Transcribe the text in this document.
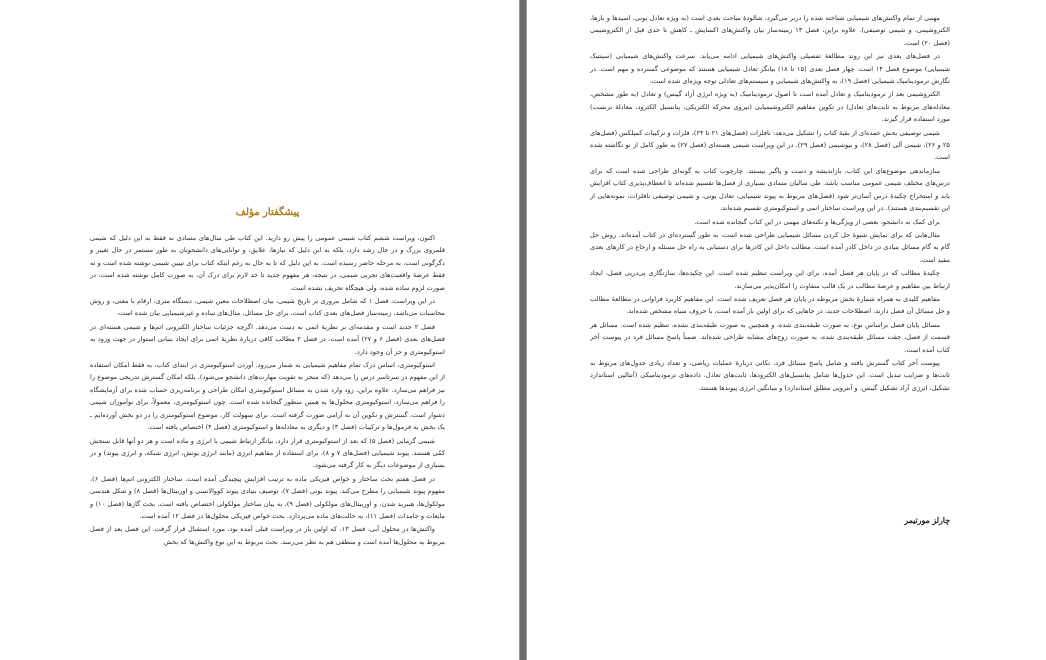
پیشگفتار مؤلف

اکنون، ویراست ششم کتاب شیمی عمومی را پیش رو دارید. این کتاب طی سال‌های متمادی نه فقط به این دلیل که شیمی قلمروی بزرگ و در حال رشد دارد، بلکه به این دلیل که نیازها، علایق، و توانایی‌های دانشجویان به طور مستمر در حال تغییر و دگرگونی است، به مرحله حاضر رسیده است. به این دلیل که تا به حال به رغم اینکه کتاب برای تبیین شیمی نوشته شده است و نه فقط عرضهٔ واقعیت‌های تجربی شیمی، در نتیجه، هر مفهوم جدید تا حد لازم برای درک آن، به صورت کامل نوشته شده است، در صورت لزوم ساده شده، ولی هیچگاه تحریف نشده است.

در این ویراست، فصل ۱ که شامل مروری بر تاریخ شیمی، بیان اصطلاحات معین شیمی، دستگاه متری، ارقام با معنی، و روش محاسبات می‌باشد، زمینه‌ساز فصل‌های بعدی کتاب است. برای حل مسائل، مثال‌های ساده و غیرشیمیایی بیان شده است.

فصل ۲ جدید است و مقدمه‌ای بر نظریهٔ اتمی به دست می‌دهد. اگرچه جزئیات ساختار الکترونی اتم‌ها و شیمی هسته‌ای در فصل‌های بعدی (فصل ۶ و ۲۷) آمده است، در فصل ۲ مطالب کافی دربارهٔ نظریهٔ اتمی برای ایجاد بنیانی استوار در جهت ورود به استوکیومتری و جز آن وجود دارد.

استوکیومتری، اساس درک تمام مفاهیم شیمیایی به شمار می‌رود. آوردن استوکیومتری در ابتدای کتاب، به فقط امکان استفاده از این مفهوم در سرتاسر درس را می‌دهد (که منجر به تقویت مهارت‌های دانشجو می‌شود)، بلکه امکان گسترش تدریجی موضوع را نیز فراهم می‌سازد. علاوه براین، زود وارد شدن به مسائل استوکیومتری امکان طراحی و برنامه‌ریزی حساب شده برای آزمایشگاه را فراهم می‌سازد. استوکیومتری محلول‌ها به همین منظور گنجانده شده است. چون استوکیومتری، معمولاً، برای نوآموزان شیمی دشوار است، گسترش و تکوین آن به آرامی صورت گرفته است. برای سهولت کار، موضوع استوکیومتری را در دو بخش آورده‌ایم ـ یک بخش به فرمول‌ها و ترکیبات (فصل ۳) و دیگری به معادله‌ها و استوکیومتری (فصل ۴) اختصاص یافته است.

شیمی گرمایی (فصل ۵) که بعد از استوکیومتری قرار دارد، بیانگر ارتباط شیمی با انرژی و ماده است و هر دو آنها قابل سنجش کمّی هستند. پیوند شیمیایی (فصل‌های ۷ و ۸)، برای استفاده از مفاهیم انرژی (مانند انرژی یونش، انرژی شبکه، و انرژی پیوند) و در بسیاری از موضوعات دیگر به کار گرفته می‌شود.

در فصل هفتم بحث ساختار و خواص فیزیکی ماده به ترتیب افزایش پیچیدگی آمده است. ساختار الکترونی اتم‌ها (فصل ۶)، مفهوم پیوند شیمیایی را مطرح می‌کند. پیوند یونی (فصل ۷)، توصیف بنیادی پیوند کووالانسی و اوربیتال‌ها (فصل ۸) و شکل هندسی مولکول‌ها، هیبرید شدن، و اوربیتال‌های مولکولی (فصل ۹)، به بیان ساختار مولکولی اختصاص یافته است. بحث گازها (فصل ۱۰) و مایعات و جامدات (فصل ۱۱)، به حالت‌های ماده می‌پردازد. بحث خواص فیزیکی محلول‌ها در فصل ۱۲ آمده است.

واکنش‌ها در محلول آبی، فصل ۱۳، که اولین بار در ویراست قبلی آمده بود، مورد استقبال قرار گرفت. این فصل بعد از فصل مربوط به محلول‌ها آمده است و منطقی هم به نظر می‌رسد. بحث مربوط به این نوع واکنش‌ها که بخش

مهمی از تمام واکنش‌های شیمیایی شناخته شده را دربر می‌گیرد، شالودهٔ مباحث بعدی است (به ویژه تعادل یونی، اسیدها و بازها، الکتروشیمی، و شیمی توصیفی). علاوه براین، فصل ۱۳ زمینه‌ساز بیان واکنش‌های اکسایش ـ کاهش تا حدی قبل از الکتروشیمی (فصل ۲۰) است.

در فصل‌های بعدی نیز این روند مطالعهٔ تفصیلی واکنش‌های شیمیایی ادامه می‌یابد. سرعت واکنش‌های شیمیایی (سینتیک شیمیایی) موضوع فصل ۱۴ است. چهار فصل بعدی (۱۵ تا ۱۸) بیانگر تعادل شیمیایی هستند که موضوعی گسترده و مهم است. در نگارش ترمودینامیک شیمیایی (فصل ۱۹)، به واکنش‌های شیمیایی و سیستم‌های تعادلی توجه ویژه‌ای شده است.

الکتروشیمی بعد از ترمودینامیک و تعادل آمده است تا اصول ترمودینامیک (به ویژه انرژی آزاد گیبس) و تعادل (به طور مشخص، معادله‌های مربوط به ثابت‌های تعادل) در تکوین مفاهیم الکتروشیمیایی (نیروی محرکه الکتریکی، پتانسیل الکترود، معادلهٔ نرنست) مورد استفاده قرار گیرند.

شیمی توصیفی بخش عمده‌ای از بقیهٔ کتاب را تشکیل می‌دهد: نافلزات (فصل‌های ۲۱ تا ۲۴)، فلزات و ترکیبات کمپلکس (فصل‌های ۲۵ و ۲۶)، شیمی آلی (فصل ۲۸)، و بیوشیمی (فصل ۲۹). در این ویراست شیمی هسته‌ای (فصل ۲۷) به طور کامل از نو نگاشته شده است.

سازماندهی موضوع‌های این کتاب، بازاندیشه و دست و پاگیر نیستند. چارچوب کتاب به گونه‌ای طراحی شده است که برای درس‌های مختلف شیمی عمومی مناسب باشد. طی سالیان متمادی بسیاری از فصل‌ها تقسیم شده‌اند تا انعطاف‌پذیری کتاب افزایش یابد و استخراج چکیدهٔ درس آسان‌تر شود (فصل‌های مربوط به پیوند شیمیایی، تعادل یونی، و شیمی توصیفی نافلزات، نمونه‌هایی از این تقسیم‌بندی هستند). در این ویراست ساختار اتمی و استوکیومتری تقسیم شده‌اند.

برای کمک به دانشجو، بعضی از ویژگی‌ها و نکته‌های مهمی در این کتاب گنجانده شده است.

مثال‌هایی که برای نمایش شیوهٔ حل کردن مسائل شیمیایی طراحی شده است، به طور گسترده‌ای در کتاب آمده‌اند. روش حل گام به گام مسائل بنیادی در داخل کادر آمده است. مطالب داخل این کادرها برای دستیابی به راه حل مسئله و ارجاع در کارهای بعدی مفید است.

چکیدهٔ مطالب که در پایان هر فصل آمده، برای این ویراست تنظیم شده است. این چکیده‌ها، سازنگاری پی‌درپی فصل، ایجاد ارتباط بین مفاهیم و عرضهٔ مطالب در یک قالب متفاوت را امکان‌پذیر می‌سازند.

مفاهیم کلیدی به همراه شمارهٔ بخش مربوطه در پایان هر فصل تعریف شده است. این مفاهیم کاربرد فراوانی در مطالعهٔ مطالب و حل مسائل آن فصل دارند. اصطلاحات جدید، در جاهایی که برای اولین بار آمده است، با حروف سیاه مشخص شده‌اند.

مسائل پایان فصل براساس نوع، به صورت طبقه‌بندی شده، و همچنین به صورت طبقه‌بندی نشده، تنظیم شده است. مسائل هر قسمت از فصل، جفت مسائل طبقه‌بندی شده، به صورت زوج‌های مشابه طراحی شده‌اند. ضمناً پاسخ مسائل فرد در پیوست آخر کتاب آمده است.

پیوست آخر کتاب گسترش یافته و شامل پاسخ مسائل فرد، نکاتی دربارهٔ عملیات ریاضی، و تعداد زیادی جدول‌های مربوط به ثابت‌ها و ضرایب تبدیل است. این جدول‌ها شامل پتانسیل‌های الکترودها، ثابت‌های تعادل، داده‌های ترمودینامیکی (آنتالپی استاندارد تشکیل، انرژی آزاد تشکیل گیبس، و آنتروپی مطلق استاندارد) و میانگین انرژی پیوندها هستند.

چارلز مورتیمر
